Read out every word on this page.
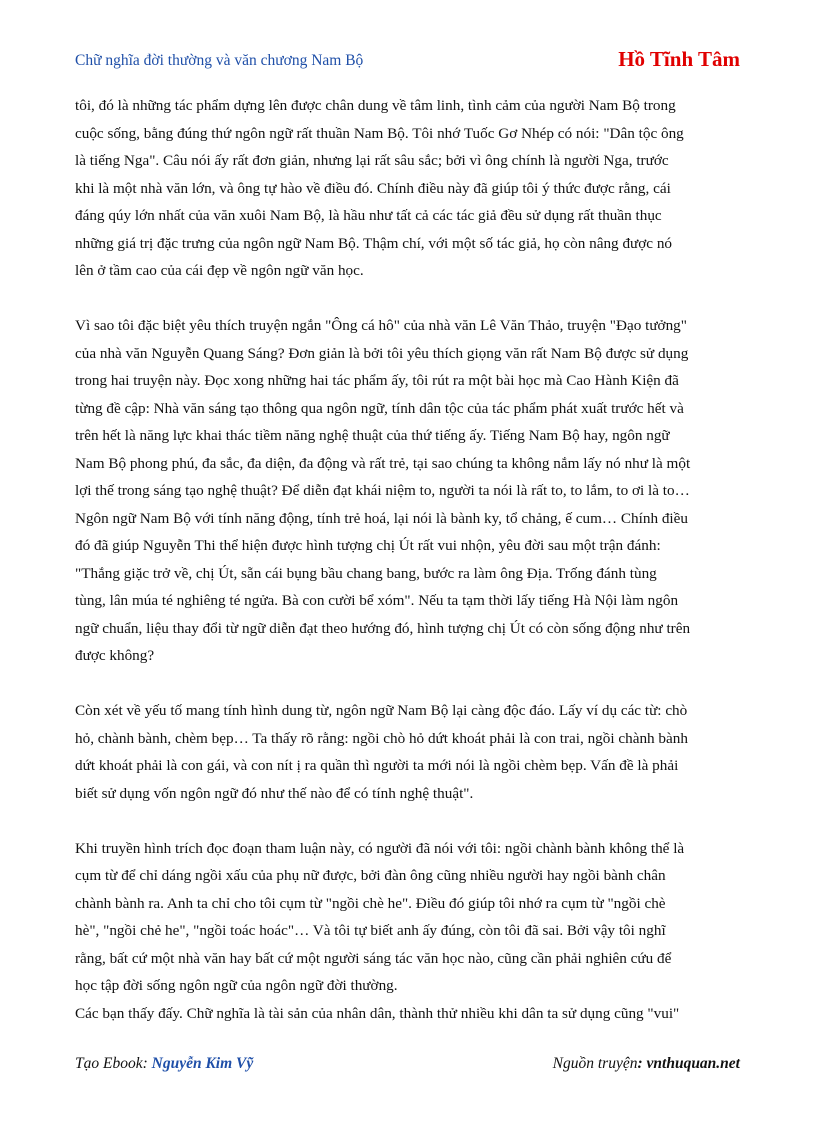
Chữ nghĩa đời thường và văn chương Nam Bộ	Hồ Tĩnh Tâm
tôi, đó là những tác phẩm dựng lên được chân dung về tâm linh, tình cảm của người Nam Bộ trong
cuộc sống, bằng đúng thứ ngôn ngữ rất thuần Nam Bộ. Tôi nhớ Tuốc Gơ Nhép có nói: "Dân tộc ông
là tiếng Nga". Câu nói ấy rất đơn giản, nhưng lại rất sâu sắc; bởi vì ông chính là người Nga, trước
khi là một nhà văn lớn, và ông tự hào về điều đó. Chính điều này đã giúp tôi ý thức được rằng, cái
đáng qúy lớn nhất của văn xuôi Nam Bộ, là hầu như tất cả các tác giả đều sử dụng rất thuần thục
những giá trị đặc trưng của ngôn ngữ Nam Bộ. Thậm chí, với một số tác giả, họ còn nâng được nó
lên ở tầm cao của cái đẹp về ngôn ngữ văn học.
Vì sao tôi đặc biệt yêu thích truyện ngắn "Ông cá hô" của nhà văn Lê Văn Thảo, truyện "Đạo tưởng"
của nhà văn Nguyễn Quang Sáng? Đơn giản là bởi tôi yêu thích giọng văn rất Nam Bộ được sử dụng
trong hai truyện này. Đọc xong những hai tác phẩm ấy, tôi rút ra một bài học mà Cao Hành Kiện đã
từng đề cập: Nhà văn sáng tạo thông qua ngôn ngữ, tính dân tộc của tác phẩm phát xuất trước hết và
trên hết là năng lực khai thác tiềm năng nghệ thuật của thứ tiếng ấy. Tiếng Nam Bộ hay, ngôn ngữ
Nam Bộ phong phú, đa sắc, đa diện, đa động và rất trẻ, tại sao chúng ta không nắm lấy nó như là một
lợi thế trong sáng tạo nghệ thuật? Để diễn đạt khái niệm to, người ta nói là rất to, to lắm, to ơi là to…
Ngôn ngữ Nam Bộ với tính năng động, tính trẻ hoá, lại nói là bành ky, tổ chảng, ế cum… Chính điều
đó đã giúp Nguyễn Thi thể hiện được hình tượng chị Út rất vui nhộn, yêu đời sau một trận đánh:
"Thắng giặc trở về, chị Út, sẵn cái bụng bầu chang bang, bước ra làm ông Địa. Trống đánh tùng
tùng, lân múa té nghiêng té ngửa. Bà con cười bể xóm". Nếu ta tạm thời lấy tiếng Hà Nội làm ngôn
ngữ chuẩn, liệu thay đổi từ ngữ diễn đạt theo hướng đó, hình tượng chị Út có còn sống động như trên
được không?
Còn xét về yếu tố mang tính hình dung từ, ngôn ngữ Nam Bộ lại càng độc đáo. Lấy ví dụ các từ: chò
hỏ, chành bành, chèm bẹp… Ta thấy rõ rằng: ngồi chò hỏ dứt khoát phải là con trai, ngồi chành bành
dứt khoát phải là con gái, và con nít ị ra quần thì người ta mới nói là ngồi chèm bẹp. Vấn đề là phải
biết sử dụng vốn ngôn ngữ đó như thế nào để có tính nghệ thuật".
Khi truyền hình trích đọc đoạn tham luận này, có người đã nói với tôi: ngồi chành bành không thể là
cụm từ để chỉ dáng ngồi xấu của phụ nữ được, bởi đàn ông cũng nhiều người hay ngồi bành chân
chành bành ra. Anh ta chỉ cho tôi cụm từ "ngồi chè he". Điều đó giúp tôi nhớ ra cụm từ "ngồi chè
hè", "ngồi chẻ he", "ngồi toác hoác"… Và tôi tự biết anh ấy đúng, còn tôi đã sai. Bởi vậy tôi nghĩ
rằng, bất cứ một nhà văn hay bất cứ một người sáng tác văn học nào, cũng cần phải nghiên cứu để
học tập đời sống ngôn ngữ của ngôn ngữ đời thường.
Các bạn thấy đấy. Chữ nghĩa là tài sản của nhân dân, thành thử nhiều khi dân ta sử dụng cũng "vui"
Tạo Ebook: Nguyễn Kim Vỹ	Nguồn truyện: vnthuquan.net
